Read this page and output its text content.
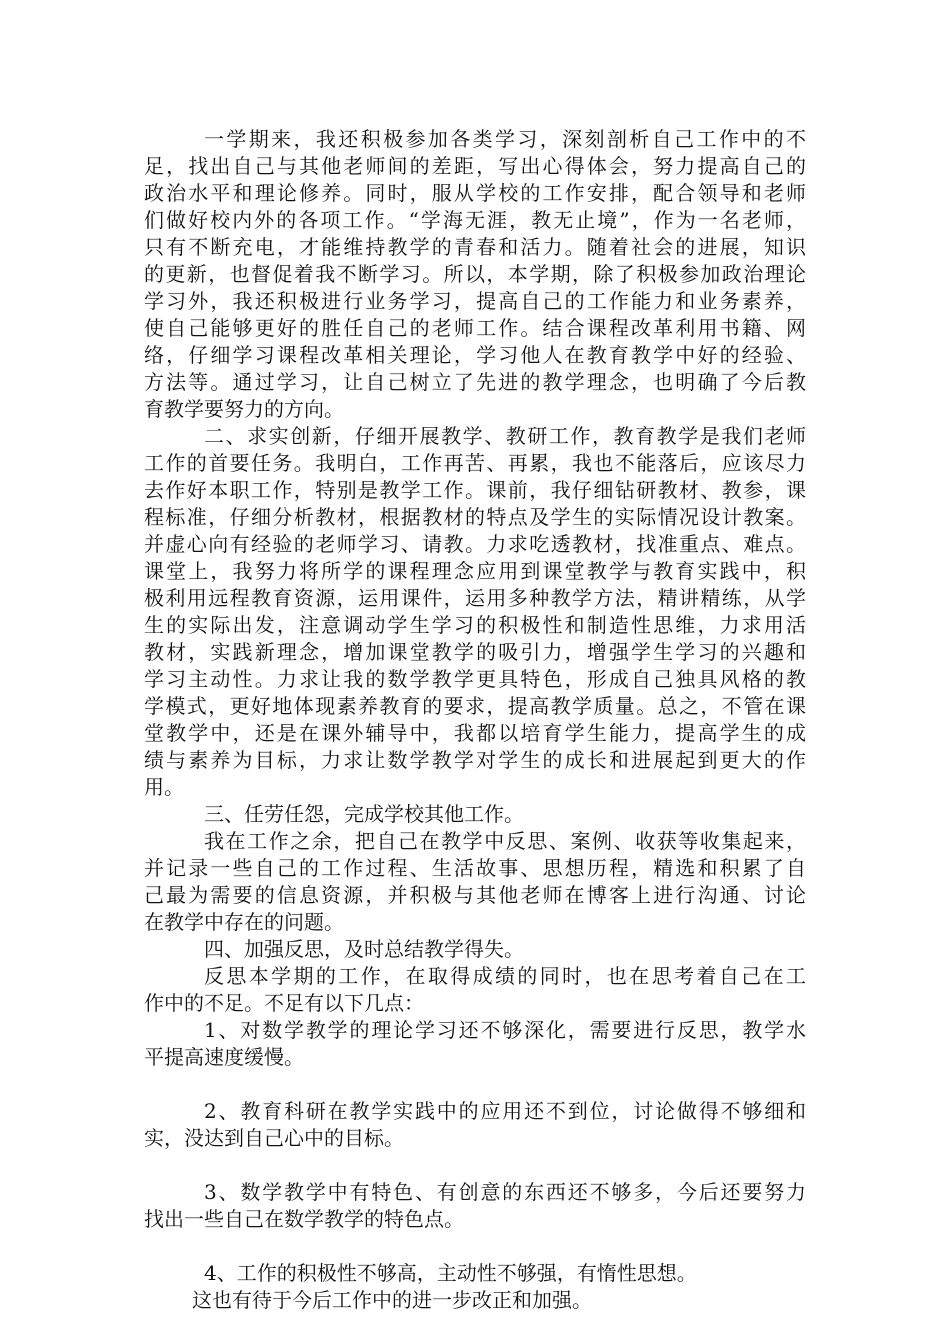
一学期来，我还积极参加各类学习，深刻剖析自己工作中的不
足，找出自己与其他老师间的差距，写出心得体会，努力提高自己的
政治水平和理论修养。同时，服从学校的工作安排，配合领导和老师
们做好校内外的各项工作。“学海无涯，教无止境”，作为一名老师，
只有不断充电，才能维持教学的青春和活力。随着社会的进展，知识
的更新，也督促着我不断学习。所以，本学期，除了积极参加政治理论
学习外，我还积极进行业务学习，提高自己的工作能力和业务素养，
使自己能够更好的胜任自己的老师工作。结合课程改革利用书籍、网
络，仔细学习课程改革相关理论，学习他人在教育教学中好的经验、
方法等。通过学习，让自己树立了先进的教学理念，也明确了今后教
育教学要努力的方向。
二、求实创新，仔细开展教学、教研工作，教育教学是我们老师
工作的首要任务。我明白，工作再苦、再累，我也不能落后，应该尽力
去作好本职工作，特别是教学工作。课前，我仔细钻研教材、教参，课
程标准，仔细分析教材，根据教材的特点及学生的实际情况设计教案。
并虚心向有经验的老师学习、请教。力求吃透教材，找准重点、难点。
课堂上，我努力将所学的课程理念应用到课堂教学与教育实践中，积
极利用远程教育资源，运用课件，运用多种教学方法，精讲精练，从学
生的实际出发，注意调动学生学习的积极性和制造性思维，力求用活
教材，实践新理念，增加课堂教学的吸引力，增强学生学习的兴趣和
学习主动性。力求让我的数学教学更具特色，形成自己独具风格的教
学模式，更好地体现素养教育的要求，提高教学质量。总之，不管在课
堂教学中，还是在课外辅导中，我都以培育学生能力，提高学生的成
绩与素养为目标，力求让数学教学对学生的成长和进展起到更大的作
用。
三、任劳任怨，完成学校其他工作。
我在工作之余，把自己在教学中反思、案例、收获等收集起来，
并记录一些自己的工作过程、生活故事、思想历程，精选和积累了自
己最为需要的信息资源，并积极与其他老师在博客上进行沟通、讨论
在教学中存在的问题。
四、加强反思，及时总结教学得失。
反思本学期的工作，在取得成绩的同时，也在思考着自己在工
作中的不足。不足有以下几点：
1、对数学教学的理论学习还不够深化，需要进行反思，教学水
平提高速度缓慢。
2、教育科研在教学实践中的应用还不到位，讨论做得不够细和
实，没达到自己心中的目标。
3、数学教学中有特色、有创意的东西还不够多，今后还要努力
找出一些自己在数学教学的特色点。
4、工作的积极性不够高，主动性不够强，有惰性思想。
这也有待于今后工作中的进一步改正和加强。
